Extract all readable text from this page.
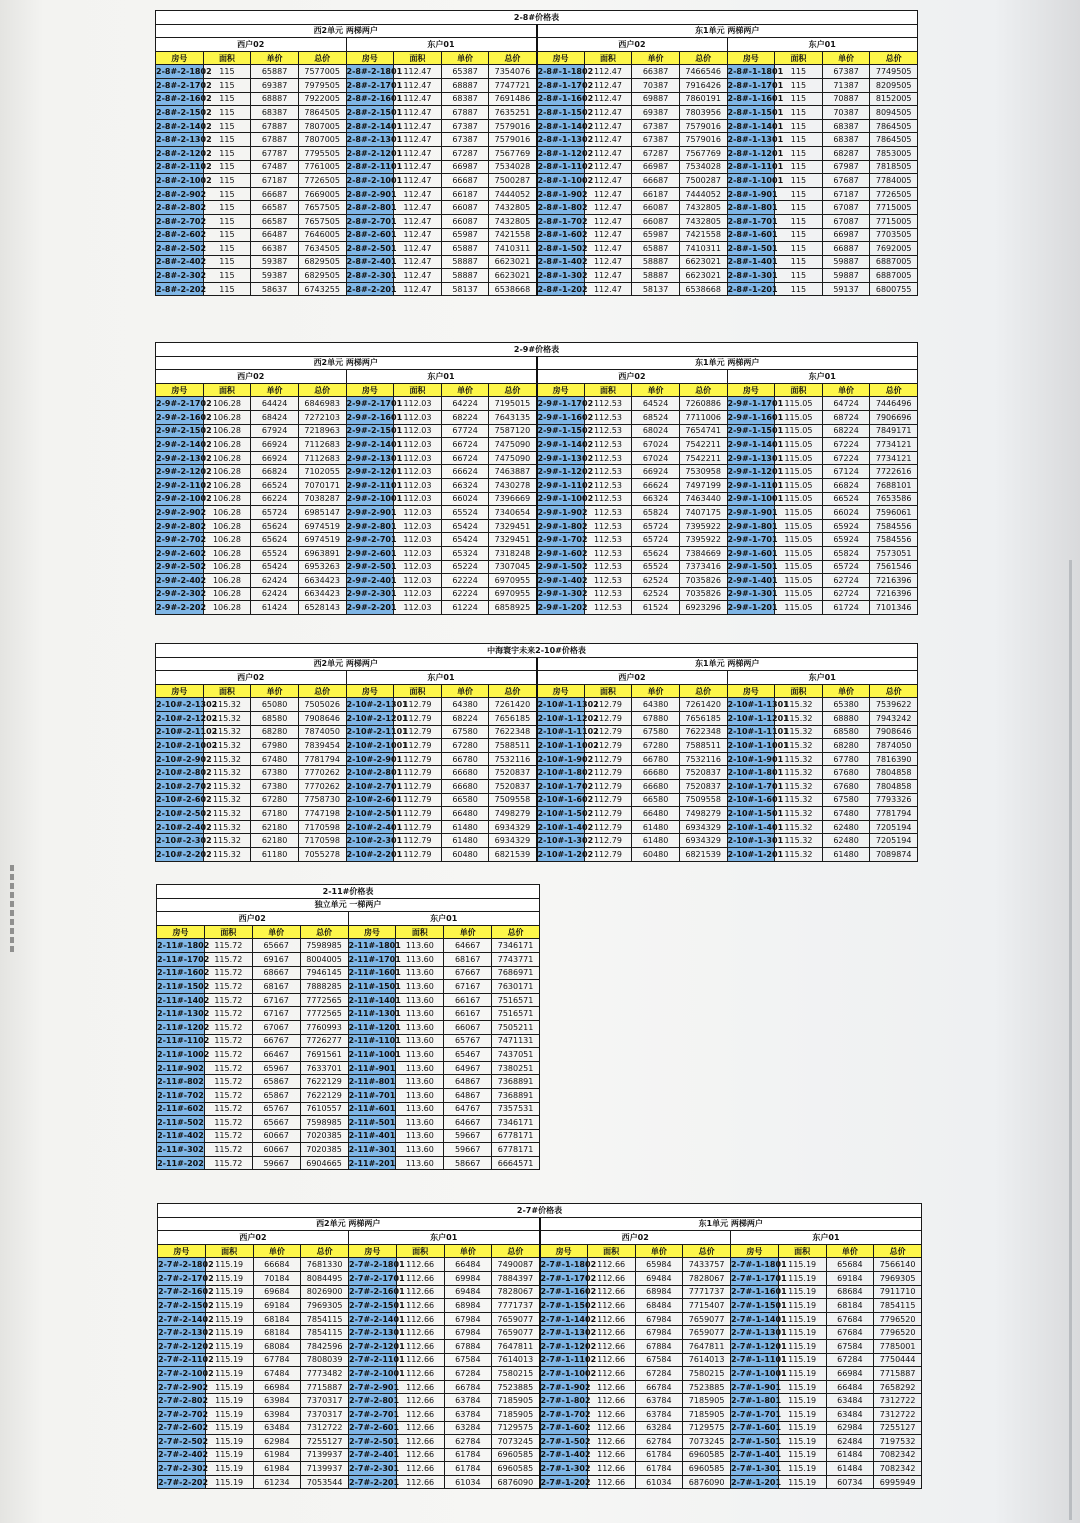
2-8#价格表															
西2单元 两梯两户								东1单元 两梯两户							
西户02				东户01				西户02				东户01			
房号	面积	单价	总价	房号	面积	单价	总价	房号	面积	单价	总价	房号	面积	单价	总价
2-8#-2-1802	115	65887	7577005	2-8#-2-1801	112.47	65387	7354076	2-8#-1-1802	112.47	66387	7466546	2-8#-1-1801	115	67387	7749505
2-8#-2-1702	115	69387	7979505	2-8#-2-1701	112.47	68887	7747721	2-8#-1-1702	112.47	70387	7916426	2-8#-1-1701	115	71387	8209505
2-8#-2-1602	115	68887	7922005	2-8#-2-1601	112.47	68387	7691486	2-8#-1-1602	112.47	69887	7860191	2-8#-1-1601	115	70887	8152005
2-8#-2-1502	115	68387	7864505	2-8#-2-1501	112.47	67887	7635251	2-8#-1-1502	112.47	69387	7803956	2-8#-1-1501	115	70387	8094505
2-8#-2-1402	115	67887	7807005	2-8#-2-1401	112.47	67387	7579016	2-8#-1-1402	112.47	67387	7579016	2-8#-1-1401	115	68387	7864505
2-8#-2-1302	115	67887	7807005	2-8#-2-1301	112.47	67387	7579016	2-8#-1-1302	112.47	67387	7579016	2-8#-1-1301	115	68387	7864505
2-8#-2-1202	115	67787	7795505	2-8#-2-1201	112.47	67287	7567769	2-8#-1-1202	112.47	67287	7567769	2-8#-1-1201	115	68287	7853005
2-8#-2-1102	115	67487	7761005	2-8#-2-1101	112.47	66987	7534028	2-8#-1-1102	112.47	66987	7534028	2-8#-1-1101	115	67987	7818505
2-8#-2-1002	115	67187	7726505	2-8#-2-1001	112.47	66687	7500287	2-8#-1-1002	112.47	66687	7500287	2-8#-1-1001	115	67687	7784005
2-8#-2-902	115	66687	7669005	2-8#-2-901	112.47	66187	7444052	2-8#-1-902	112.47	66187	7444052	2-8#-1-901	115	67187	7726505
2-8#-2-802	115	66587	7657505	2-8#-2-801	112.47	66087	7432805	2-8#-1-802	112.47	66087	7432805	2-8#-1-801	115	67087	7715005
2-8#-2-702	115	66587	7657505	2-8#-2-701	112.47	66087	7432805	2-8#-1-702	112.47	66087	7432805	2-8#-1-701	115	67087	7715005
2-8#-2-602	115	66487	7646005	2-8#-2-601	112.47	65987	7421558	2-8#-1-602	112.47	65987	7421558	2-8#-1-601	115	66987	7703505
2-8#-2-502	115	66387	7634505	2-8#-2-501	112.47	65887	7410311	2-8#-1-502	112.47	65887	7410311	2-8#-1-501	115	66887	7692005
2-8#-2-402	115	59387	6829505	2-8#-2-401	112.47	58887	6623021	2-8#-1-402	112.47	58887	6623021	2-8#-1-401	115	59887	6887005
2-8#-2-302	115	59387	6829505	2-8#-2-301	112.47	58887	6623021	2-8#-1-302	112.47	58887	6623021	2-8#-1-301	115	59887	6887005
2-8#-2-202	115	58637	6743255	2-8#-2-201	112.47	58137	6538668	2-8#-1-202	112.47	58137	6538668	2-8#-1-201	115	59137	6800755
2-9#价格表															
西2单元 两梯两户								东1单元 两梯两户							
西户02				东户01				西户02				东户01			
房号	面积	单价	总价	房号	面积	单价	总价	房号	面积	单价	总价	房号	面积	单价	总价
2-9#-2-1702	106.28	64424	6846983	2-9#-2-1701	112.03	64224	7195015	2-9#-1-1702	112.53	64524	7260886	2-9#-1-1701	115.05	64724	7446496
2-9#-2-1602	106.28	68424	7272103	2-9#-2-1601	112.03	68224	7643135	2-9#-1-1602	112.53	68524	7711006	2-9#-1-1601	115.05	68724	7906696
2-9#-2-1502	106.28	67924	7218963	2-9#-2-1501	112.03	67724	7587120	2-9#-1-1502	112.53	68024	7654741	2-9#-1-1501	115.05	68224	7849171
2-9#-2-1402	106.28	66924	7112683	2-9#-2-1401	112.03	66724	7475090	2-9#-1-1402	112.53	67024	7542211	2-9#-1-1401	115.05	67224	7734121
2-9#-2-1302	106.28	66924	7112683	2-9#-2-1301	112.03	66724	7475090	2-9#-1-1302	112.53	67024	7542211	2-9#-1-1301	115.05	67224	7734121
2-9#-2-1202	106.28	66824	7102055	2-9#-2-1201	112.03	66624	7463887	2-9#-1-1202	112.53	66924	7530958	2-9#-1-1201	115.05	67124	7722616
2-9#-2-1102	106.28	66524	7070171	2-9#-2-1101	112.03	66324	7430278	2-9#-1-1102	112.53	66624	7497199	2-9#-1-1101	115.05	66824	7688101
2-9#-2-1002	106.28	66224	7038287	2-9#-2-1001	112.03	66024	7396669	2-9#-1-1002	112.53	66324	7463440	2-9#-1-1001	115.05	66524	7653586
2-9#-2-902	106.28	65724	6985147	2-9#-2-901	112.03	65524	7340654	2-9#-1-902	112.53	65824	7407175	2-9#-1-901	115.05	66024	7596061
2-9#-2-802	106.28	65624	6974519	2-9#-2-801	112.03	65424	7329451	2-9#-1-802	112.53	65724	7395922	2-9#-1-801	115.05	65924	7584556
2-9#-2-702	106.28	65624	6974519	2-9#-2-701	112.03	65424	7329451	2-9#-1-702	112.53	65724	7395922	2-9#-1-701	115.05	65924	7584556
2-9#-2-602	106.28	65524	6963891	2-9#-2-601	112.03	65324	7318248	2-9#-1-602	112.53	65624	7384669	2-9#-1-601	115.05	65824	7573051
2-9#-2-502	106.28	65424	6953263	2-9#-2-501	112.03	65224	7307045	2-9#-1-502	112.53	65524	7373416	2-9#-1-501	115.05	65724	7561546
2-9#-2-402	106.28	62424	6634423	2-9#-2-401	112.03	62224	6970955	2-9#-1-402	112.53	62524	7035826	2-9#-1-401	115.05	62724	7216396
2-9#-2-302	106.28	62424	6634423	2-9#-2-301	112.03	62224	6970955	2-9#-1-302	112.53	62524	7035826	2-9#-1-301	115.05	62724	7216396
2-9#-2-202	106.28	61424	6528143	2-9#-2-201	112.03	61224	6858925	2-9#-1-202	112.53	61524	6923296	2-9#-1-201	115.05	61724	7101346
中海寰宇未来2-10#价格表															
西2单元 两梯两户								东1单元 两梯两户							
西户02				东户01				西户02				东户01			
房号	面积	单价	总价	房号	面积	单价	总价	房号	面积	单价	总价	房号	面积	单价	总价
2-10#-2-1302	115.32	65080	7505026	2-10#-2-1301	112.79	64380	7261420	2-10#-1-1302	112.79	64380	7261420	2-10#-1-1301	115.32	65380	7539622
2-10#-2-1202	115.32	68580	7908646	2-10#-2-1201	112.79	68224	7656185	2-10#-1-1202	112.79	67880	7656185	2-10#-1-1201	115.32	68880	7943242
2-10#-2-1102	115.32	68280	7874050	2-10#-2-1101	112.79	67580	7622348	2-10#-1-1102	112.79	67580	7622348	2-10#-1-1101	115.32	68580	7908646
2-10#-2-1002	115.32	67980	7839454	2-10#-2-1001	112.79	67280	7588511	2-10#-1-1002	112.79	67280	7588511	2-10#-1-1001	115.32	68280	7874050
2-10#-2-902	115.32	67480	7781794	2-10#-2-901	112.79	66780	7532116	2-10#-1-902	112.79	66780	7532116	2-10#-1-901	115.32	67780	7816390
2-10#-2-802	115.32	67380	7770262	2-10#-2-801	112.79	66680	7520837	2-10#-1-802	112.79	66680	7520837	2-10#-1-801	115.32	67680	7804858
2-10#-2-702	115.32	67380	7770262	2-10#-2-701	112.79	66680	7520837	2-10#-1-702	112.79	66680	7520837	2-10#-1-701	115.32	67680	7804858
2-10#-2-602	115.32	67280	7758730	2-10#-2-601	112.79	66580	7509558	2-10#-1-602	112.79	66580	7509558	2-10#-1-601	115.32	67580	7793326
2-10#-2-502	115.32	67180	7747198	2-10#-2-501	112.79	66480	7498279	2-10#-1-502	112.79	66480	7498279	2-10#-1-501	115.32	67480	7781794
2-10#-2-402	115.32	62180	7170598	2-10#-2-401	112.79	61480	6934329	2-10#-1-402	112.79	61480	6934329	2-10#-1-401	115.32	62480	7205194
2-10#-2-302	115.32	62180	7170598	2-10#-2-301	112.79	61480	6934329	2-10#-1-302	112.79	61480	6934329	2-10#-1-301	115.32	62480	7205194
2-10#-2-202	115.32	61180	7055278	2-10#-2-201	112.79	60480	6821539	2-10#-1-202	112.79	60480	6821539	2-10#-1-201	115.32	61480	7089874
2-11#价格表							
独立单元 一梯两户							
西户02				东户01			
房号	面积	单价	总价	房号	面积	单价	总价
2-11#-1802	115.72	65667	7598985	2-11#-1801	113.60	64667	7346171
2-11#-1702	115.72	69167	8004005	2-11#-1701	113.60	68167	7743771
2-11#-1602	115.72	68667	7946145	2-11#-1601	113.60	67667	7686971
2-11#-1502	115.72	68167	7888285	2-11#-1501	113.60	67167	7630171
2-11#-1402	115.72	67167	7772565	2-11#-1401	113.60	66167	7516571
2-11#-1302	115.72	67167	7772565	2-11#-1301	113.60	66167	7516571
2-11#-1202	115.72	67067	7760993	2-11#-1201	113.60	66067	7505211
2-11#-1102	115.72	66767	7726277	2-11#-1101	113.60	65767	7471131
2-11#-1002	115.72	66467	7691561	2-11#-1001	113.60	65467	7437051
2-11#-902	115.72	65967	7633701	2-11#-901	113.60	64967	7380251
2-11#-802	115.72	65867	7622129	2-11#-801	113.60	64867	7368891
2-11#-702	115.72	65867	7622129	2-11#-701	113.60	64867	7368891
2-11#-602	115.72	65767	7610557	2-11#-601	113.60	64767	7357531
2-11#-502	115.72	65667	7598985	2-11#-501	113.60	64667	7346171
2-11#-402	115.72	60667	7020385	2-11#-401	113.60	59667	6778171
2-11#-302	115.72	60667	7020385	2-11#-301	113.60	59667	6778171
2-11#-202	115.72	59667	6904665	2-11#-201	113.60	58667	6664571
2-7#价格表															
西2单元 两梯两户								东1单元 两梯两户							
西户02				东户01				西户02				东户01			
房号	面积	单价	总价	房号	面积	单价	总价	房号	面积	单价	总价	房号	面积	单价	总价
2-7#-2-1802	115.19	66684	7681330	2-7#-2-1801	112.66	66484	7490087	2-7#-1-1802	112.66	65984	7433757	2-7#-1-1801	115.19	65684	7566140
2-7#-2-1702	115.19	70184	8084495	2-7#-2-1701	112.66	69984	7884397	2-7#-1-1702	112.66	69484	7828067	2-7#-1-1701	115.19	69184	7969305
2-7#-2-1602	115.19	69684	8026900	2-7#-2-1601	112.66	69484	7828067	2-7#-1-1602	112.66	68984	7771737	2-7#-1-1601	115.19	68684	7911710
2-7#-2-1502	115.19	69184	7969305	2-7#-2-1501	112.66	68984	7771737	2-7#-1-1502	112.66	68484	7715407	2-7#-1-1501	115.19	68184	7854115
2-7#-2-1402	115.19	68184	7854115	2-7#-2-1401	112.66	67984	7659077	2-7#-1-1402	112.66	67984	7659077	2-7#-1-1401	115.19	67684	7796520
2-7#-2-1302	115.19	68184	7854115	2-7#-2-1301	112.66	67984	7659077	2-7#-1-1302	112.66	67984	7659077	2-7#-1-1301	115.19	67684	7796520
2-7#-2-1202	115.19	68084	7842596	2-7#-2-1201	112.66	67884	7647811	2-7#-1-1202	112.66	67884	7647811	2-7#-1-1201	115.19	67584	7785001
2-7#-2-1102	115.19	67784	7808039	2-7#-2-1101	112.66	67584	7614013	2-7#-1-1102	112.66	67584	7614013	2-7#-1-1101	115.19	67284	7750444
2-7#-2-1002	115.19	67484	7773482	2-7#-2-1001	112.66	67284	7580215	2-7#-1-1002	112.66	67284	7580215	2-7#-1-1001	115.19	66984	7715887
2-7#-2-902	115.19	66984	7715887	2-7#-2-901	112.66	66784	7523885	2-7#-1-902	112.66	66784	7523885	2-7#-1-901	115.19	66484	7658292
2-7#-2-802	115.19	63984	7370317	2-7#-2-801	112.66	63784	7185905	2-7#-1-802	112.66	63784	7185905	2-7#-1-801	115.19	63484	7312722
2-7#-2-702	115.19	63984	7370317	2-7#-2-701	112.66	63784	7185905	2-7#-1-702	112.66	63784	7185905	2-7#-1-701	115.19	63484	7312722
2-7#-2-602	115.19	63484	7312722	2-7#-2-601	112.66	63284	7129575	2-7#-1-602	112.66	63284	7129575	2-7#-1-601	115.19	62984	7255127
2-7#-2-502	115.19	62984	7255127	2-7#-2-501	112.66	62784	7073245	2-7#-1-502	112.66	62784	7073245	2-7#-1-501	115.19	62484	7197532
2-7#-2-402	115.19	61984	7139937	2-7#-2-401	112.66	61784	6960585	2-7#-1-402	112.66	61784	6960585	2-7#-1-401	115.19	61484	7082342
2-7#-2-302	115.19	61984	7139937	2-7#-2-301	112.66	61784	6960585	2-7#-1-302	112.66	61784	6960585	2-7#-1-301	115.19	61484	7082342
2-7#-2-202	115.19	61234	7053544	2-7#-2-201	112.66	61034	6876090	2-7#-1-202	112.66	61034	6876090	2-7#-1-201	115.19	60734	6995949
